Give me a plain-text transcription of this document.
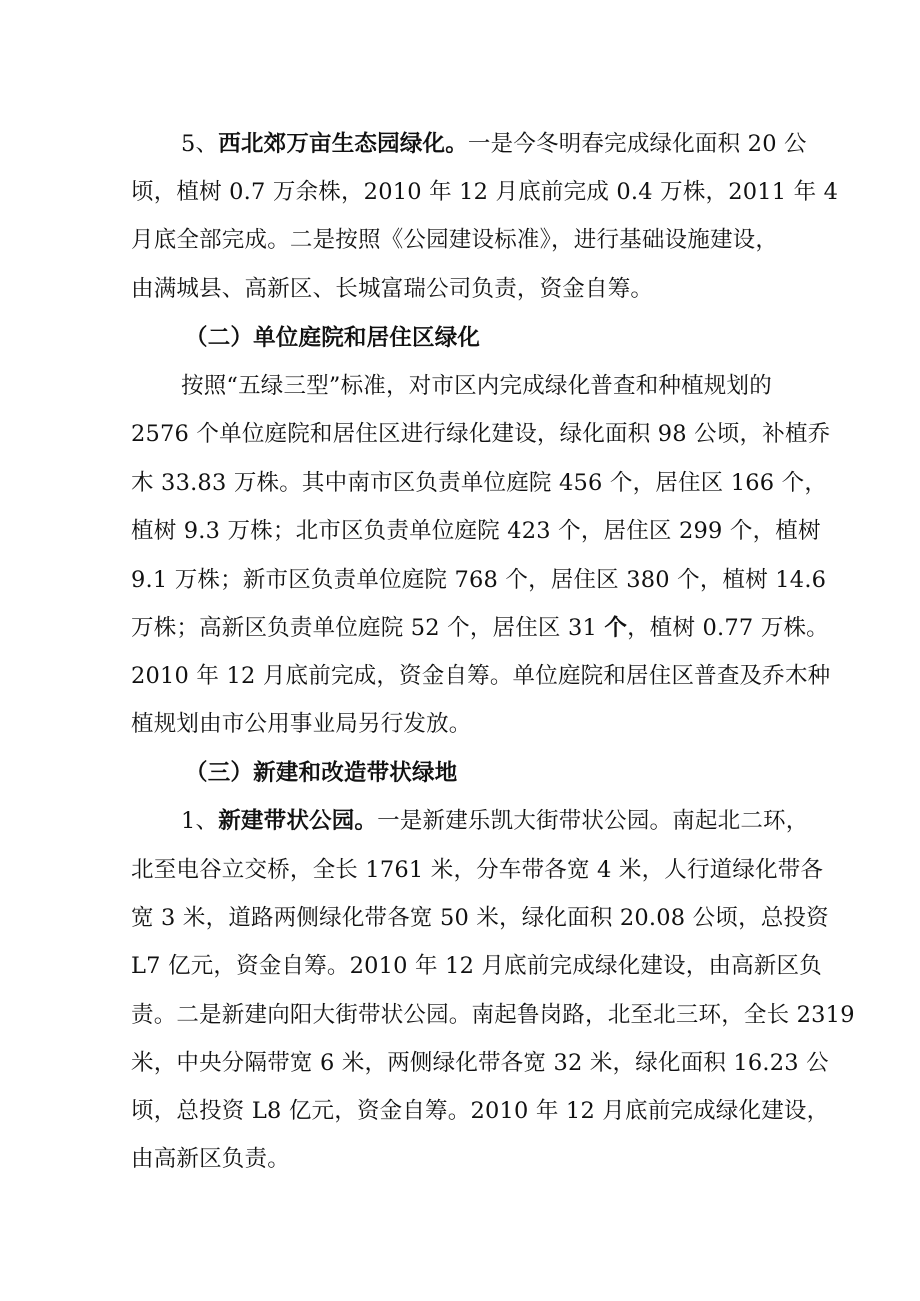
5、西北郊万亩生态园绿化。一是今冬明春完成绿化面积 20 公
顷，植树 0.7 万余株，2010 年 12 月底前完成 0.4 万株，2011 年 4
月底全部完成。二是按照《公园建设标准》，进行基础设施建设，
由满城县、高新区、长城富瑞公司负责，资金自筹。
（二）单位庭院和居住区绿化
按照“五绿三型”标准，对市区内完成绿化普查和种植规划的
2576 个单位庭院和居住区进行绿化建设，绿化面积 98 公顷，补植乔
木 33.83 万株。其中南市区负责单位庭院 456 个，居住区 166 个，
植树 9.3 万株；北市区负责单位庭院 423 个，居住区 299 个，植树
9.1 万株；新市区负责单位庭院 768 个，居住区 380 个，植树 14.6
万株；高新区负责单位庭院 52 个，居住区 31 个，植树 0.77 万株。
2010 年 12 月底前完成，资金自筹。单位庭院和居住区普查及乔木种
植规划由市公用事业局另行发放。
（三）新建和改造带状绿地
1、新建带状公园。一是新建乐凯大街带状公园。南起北二环，
北至电谷立交桥，全长 1761 米，分车带各宽 4 米，人行道绿化带各
宽 3 米，道路两侧绿化带各宽 50 米，绿化面积 20.08 公顷，总投资
L7 亿元，资金自筹。2010 年 12 月底前完成绿化建设，由高新区负
责。二是新建向阳大街带状公园。南起鲁岗路，北至北三环，全长 2319
米，中央分隔带宽 6 米，两侧绿化带各宽 32 米，绿化面积 16.23 公
顷，总投资 L8 亿元，资金自筹。2010 年 12 月底前完成绿化建设，
由高新区负责。
